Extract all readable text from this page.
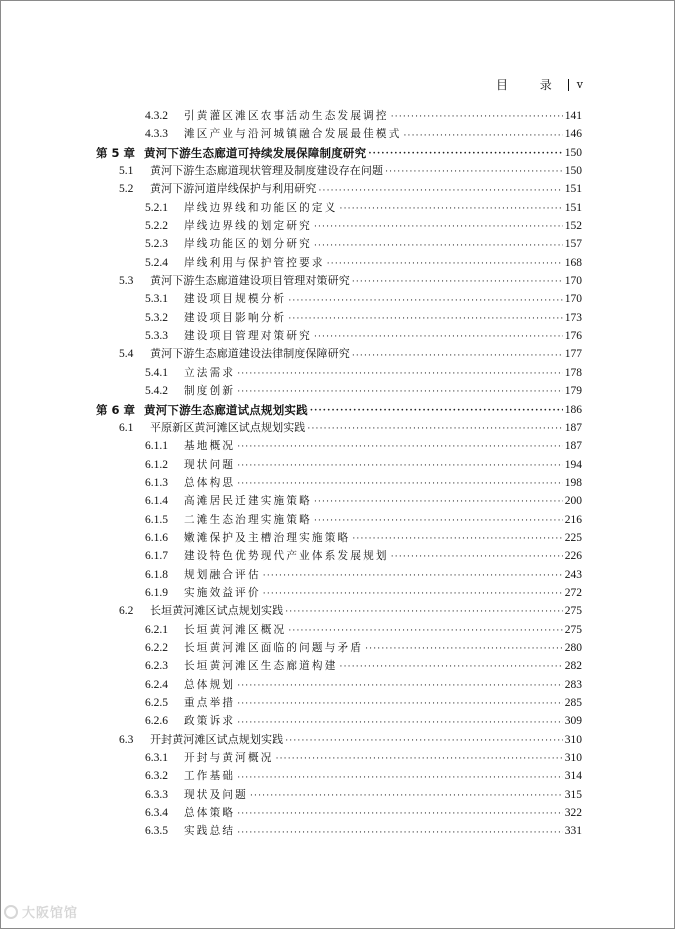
目 录 v
4.3.2	引黄灌区滩区农事活动生态发展调控 ·····	141
4.3.3	滩区产业与沿河城镇融合发展最佳模式 ·····	146
第 5 章 黄河下游生态廊道可持续发展保障制度研究 ·····	150
5.1	黄河下游生态廊道现状管理及制度建设存在问题 ·····	150
5.2	黄河下游河道岸线保护与利用研究 ·····	151
5.2.1	岸线边界线和功能区的定义 ·····	151
5.2.2	岸线边界线的划定研究 ·····	152
5.2.3	岸线功能区的划分研究 ·····	157
5.2.4	岸线利用与保护管控要求 ·····	168
5.3	黄河下游生态廊道建设项目管理对策研究 ·····	170
5.3.1	建设项目规模分析 ·····	170
5.3.2	建设项目影响分析 ·····	173
5.3.3	建设项目管理对策研究 ·····	176
5.4	黄河下游生态廊道建设法律制度保障研究 ·····	177
5.4.1	立法需求 ·····	178
5.4.2	制度创新 ·····	179
第 6 章 黄河下游生态廊道试点规划实践 ·····	186
6.1	平原新区黄河滩区试点规划实践 ·····	187
6.1.1	基地概况 ·····	187
6.1.2	现状问题 ·····	194
6.1.3	总体构思 ·····	198
6.1.4	高滩居民迁建实施策略 ·····	200
6.1.5	二滩生态治理实施策略 ·····	216
6.1.6	嫩滩保护及主槽治理实施策略 ·····	225
6.1.7	建设特色优势现代产业体系发展规划 ·····	226
6.1.8	规划融合评估 ·····	243
6.1.9	实施效益评价 ·····	272
6.2	长垣黄河滩区试点规划实践 ·····	275
6.2.1	长垣黄河滩区概况 ·····	275
6.2.2	长垣黄河滩区面临的问题与矛盾 ·····	280
6.2.3	长垣黄河滩区生态廊道构建 ·····	282
6.2.4	总体规划 ·····	283
6.2.5	重点举措 ·····	285
6.2.6	政策诉求 ·····	309
6.3	开封黄河滩区试点规划实践 ·····	310
6.3.1	开封与黄河概况 ·····	310
6.3.2	工作基础 ·····	314
6.3.3	现状及问题 ·····	315
6.3.4	总体策略 ·····	322
6.3.5	实践总结 ·····	331
大阪馆馆
